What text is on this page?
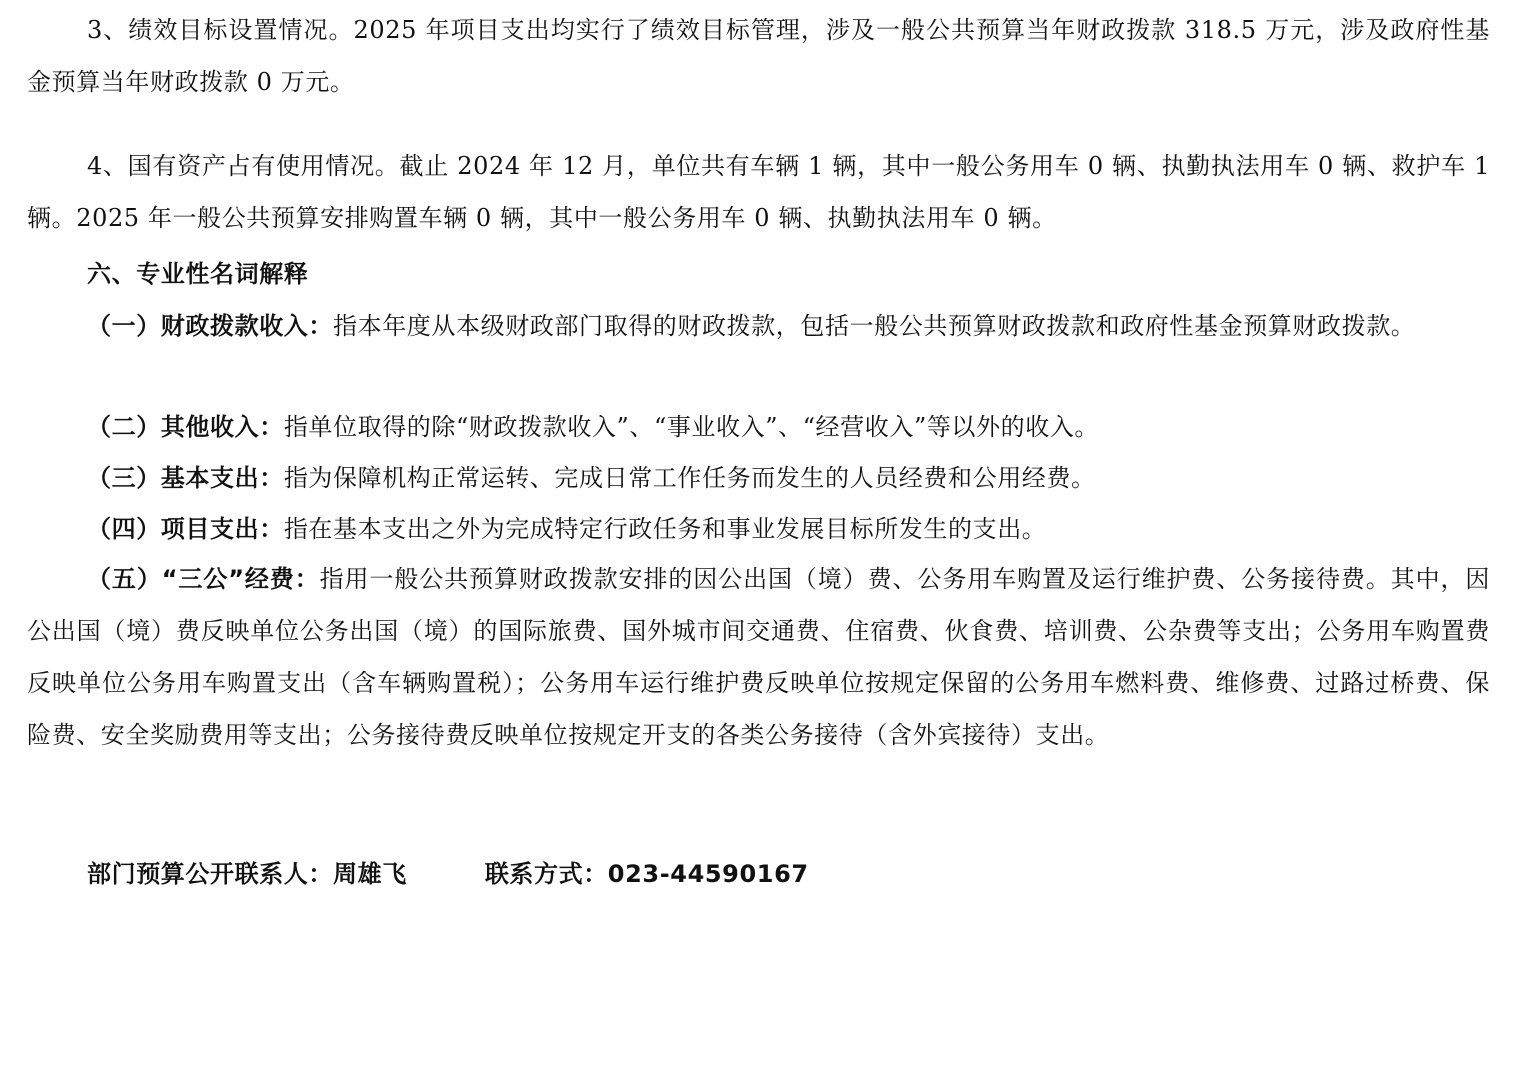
3、绩效目标设置情况。2025 年项目支出均实行了绩效目标管理，涉及一般公共预算当年财政拨款 318.5 万元，涉及政府性基金预算当年财政拨款 0 万元。

4、国有资产占有使用情况。截止 2024 年 12 月，单位共有车辆 1 辆，其中一般公务用车 0 辆、执勤执法用车 0 辆、救护车 1 辆。2025 年一般公共预算安排购置车辆 0 辆，其中一般公务用车 0 辆、执勤执法用车 0 辆。

六、专业性名词解释

（一）财政拨款收入：指本年度从本级财政部门取得的财政拨款，包括一般公共预算财政拨款和政府性基金预算财政拨款。

（二）其他收入：指单位取得的除“财政拨款收入”、“事业收入”、“经营收入”等以外的收入。

（三）基本支出：指为保障机构正常运转、完成日常工作任务而发生的人员经费和公用经费。

（四）项目支出：指在基本支出之外为完成特定行政任务和事业发展目标所发生的支出。

（五）“三公”经费：指用一般公共预算财政拨款安排的因公出国（境）费、公务用车购置及运行维护费、公务接待费。其中，因公出国（境）费反映单位公务出国（境）的国际旅费、国外城市间交通费、住宿费、伙食费、培训费、公杂费等支出；公务用车购置费反映单位公务用车购置支出（含车辆购置税）；公务用车运行维护费反映单位按规定保留的公务用车燃料费、维修费、过路过桥费、保险费、安全奖励费用等支出；公务接待费反映单位按规定开支的各类公务接待（含外宾接待）支出。

部门预算公开联系人：周雄飞	联系方式：023-44590167
